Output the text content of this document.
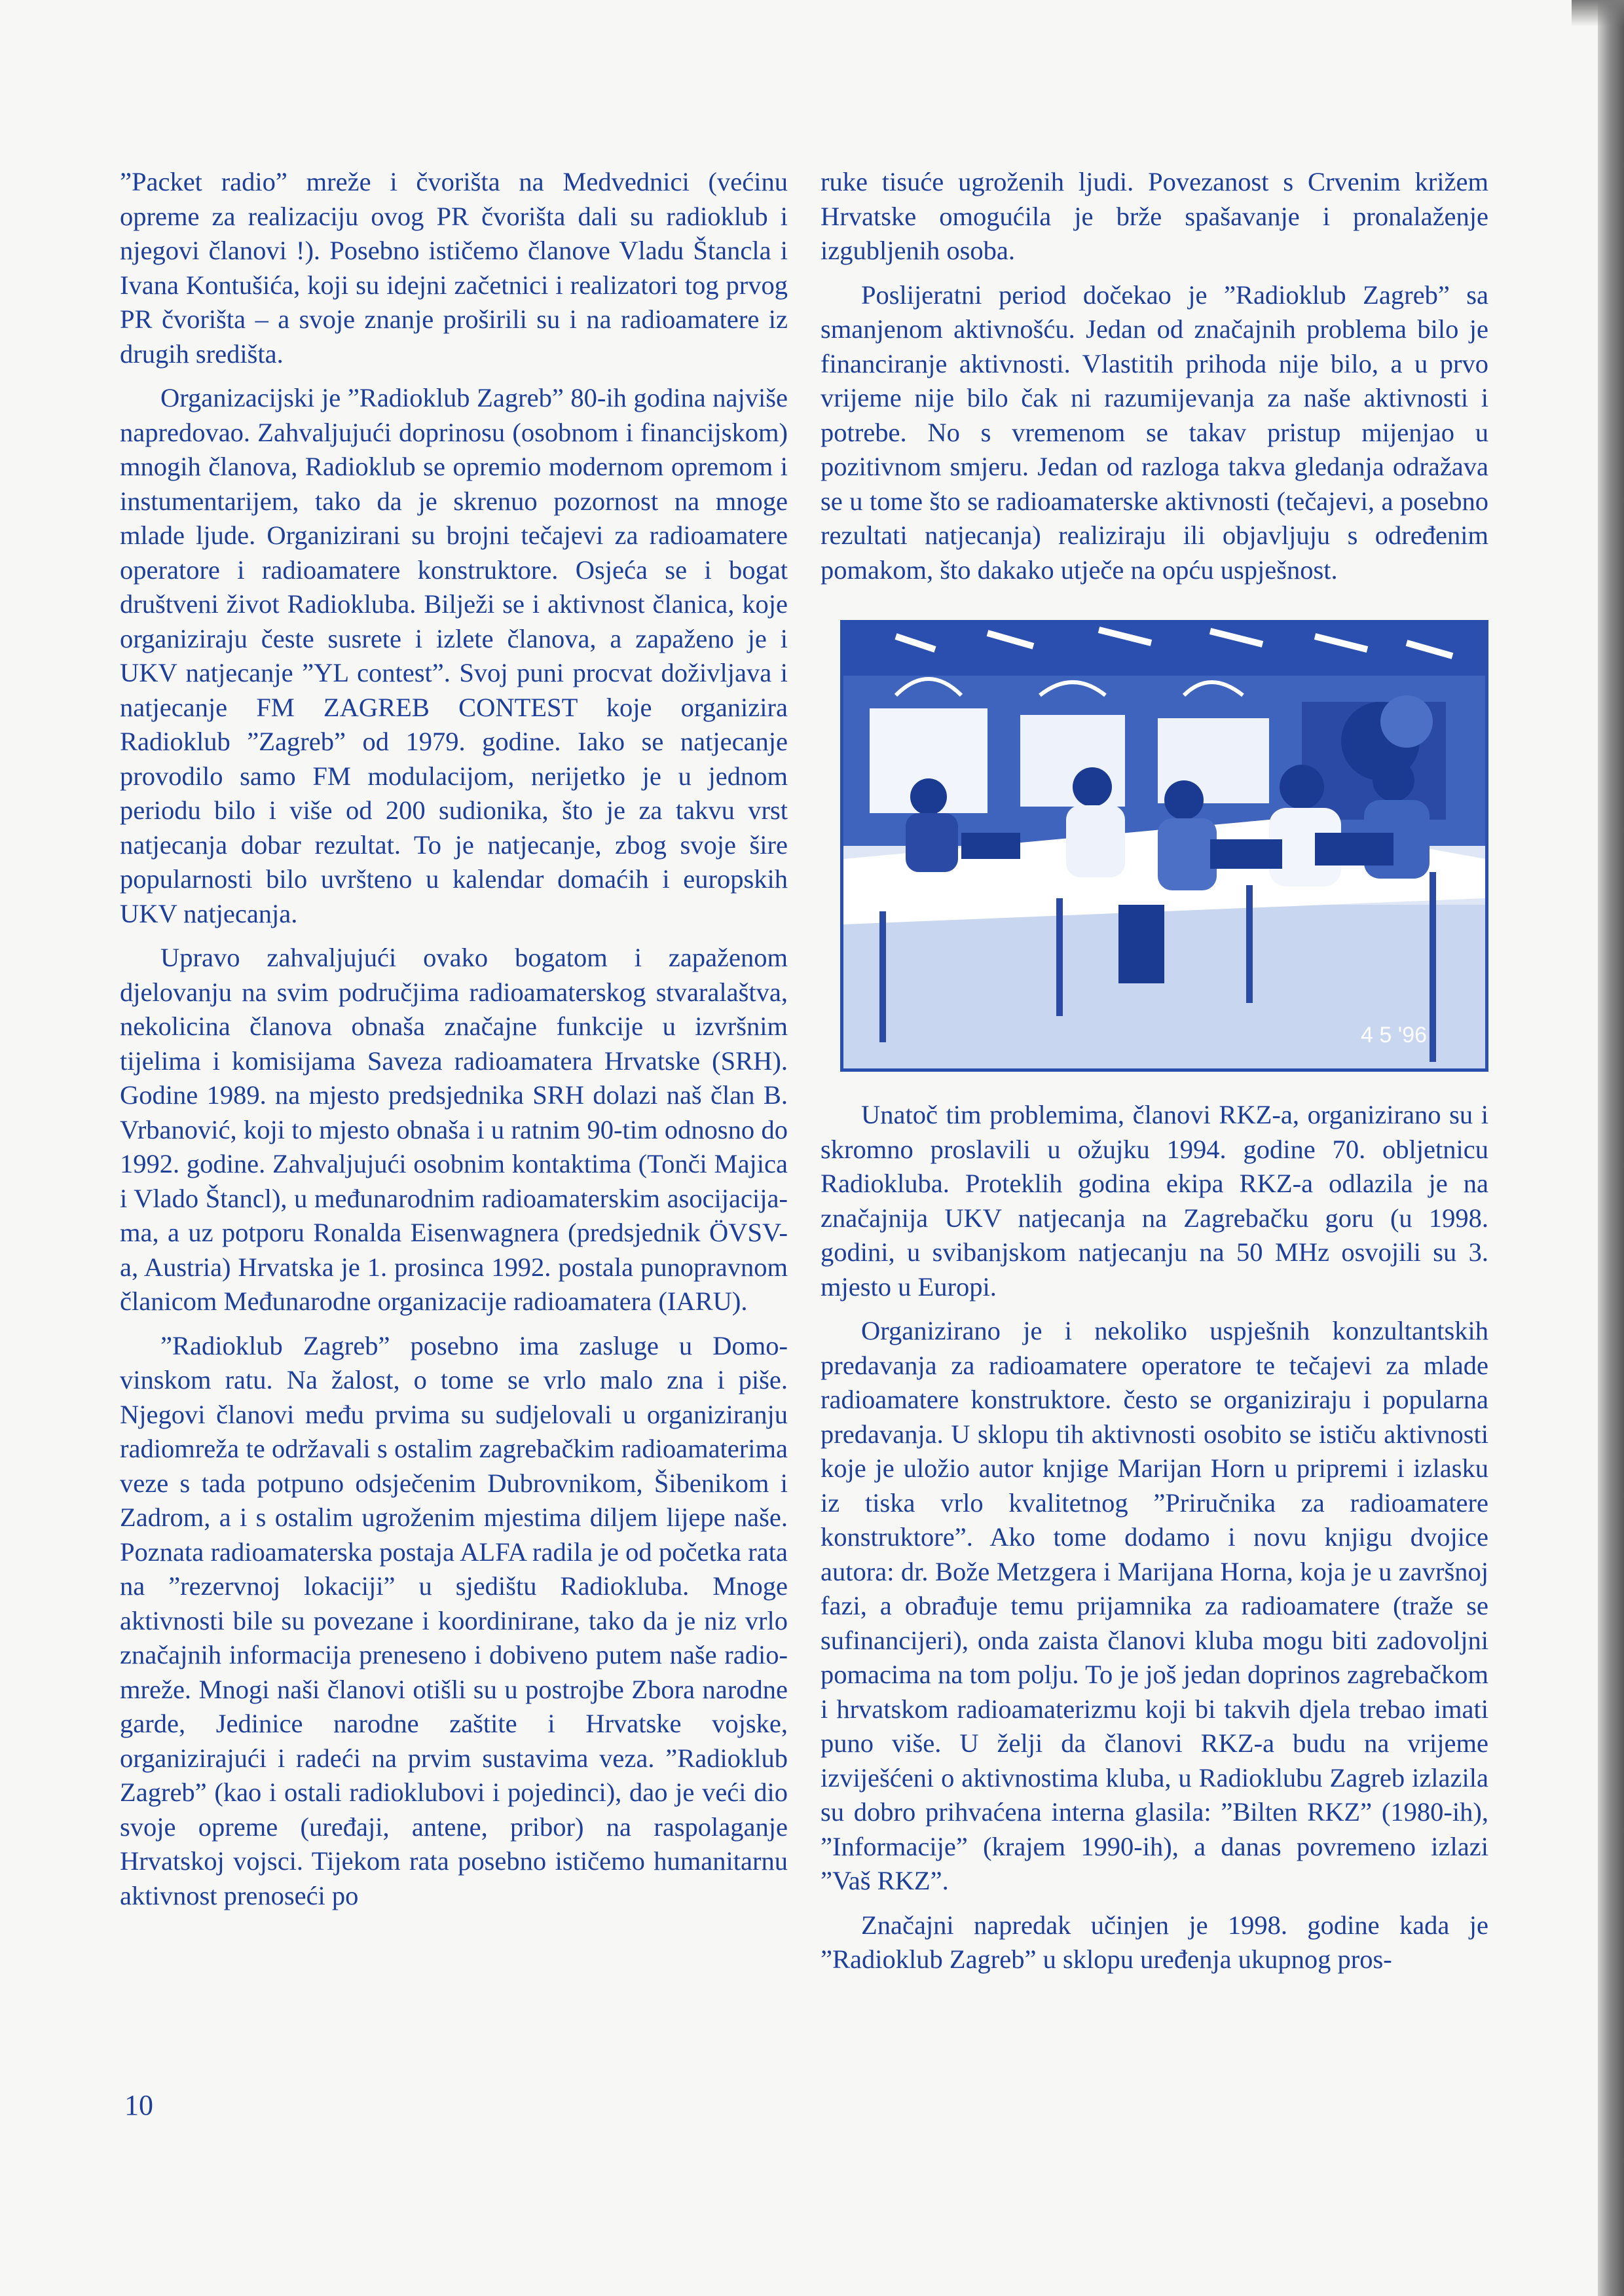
”Packet radio” mreže i čvorišta na Medvednici (većinu opreme za realizaciju ovog PR čvorišta dali su radioklub i njegovi članovi !). Posebno ističemo članove Vladu Štancla i Ivana Kontušića, koji su idejni začetnici i realizatori tog prvog PR čvorišta – a svoje znanje proširili su i na radioamatere iz drugih središta.

Organizacijski je ”Radioklub Zagreb” 80-ih godina najviše napredovao. Zahvaljujući doprinosu (osobnom i financijskom) mnogih članova, Radioklub se opremio modernom opremom i instumentarijem, tako da je skrenuo pozornost na mnoge mlade ljude. Organizirani su brojni tečajevi za radioamatere operatore i radioamatere konstruktore. Osjeća se i bogat društveni život Radiokluba. Bilježi se i aktivnost članica, koje organiziraju česte susrete i izlete članova, a zapaženo je i UKV natjecanje ”YL contest”. Svoj puni procvat doživljava i natjecanje FM ZAGREB CONTEST koje organizira Radioklub ”Zagreb” od 1979. godine. Iako se natjecanje provodilo samo FM modulacijom, nerijetko je u jednom periodu bilo i više od 200 sudionika, što je za takvu vrst natjecanja dobar rezultat. To je natjecanje, zbog svoje šire popularnosti bilo uvršteno u kalendar domaćih i europskih UKV natjecanja.

Upravo zahvaljujući ovako bogatom i zapaženom djelovanju na svim područjima radioamaterskog stvaralaštva, nekolicina članova obnaša značajne funkcije u izvršnim tijelima i komisijama Saveza radioamatera Hrvatske (SRH). Godine 1989. na mjesto predsjednika SRH dolazi naš član B. Vrbanović, koji to mjesto obnaša i u ratnim 90-tim odnosno do 1992. godine. Zahvaljujući osobnim kontaktima (Tonči Majica i Vlado Štancl), u međunarodnim radioamaterskim asocijacijama, a uz potporu Ronalda Eisenwagnera (predsjednik ÖVSV-a, Austria) Hrvatska je 1. prosinca 1992. postala punopravnom članicom Međunarodne organizacije radioamatera (IARU).

”Radioklub Zagreb” posebno ima zasluge u Domovinskom ratu. Na žalost, o tome se vrlo malo zna i piše. Njegovi članovi među prvima su sudjelovali u organiziranju radiomreža te održavali s ostalim zagrebačkim radioamaterima veze s tada potpuno odsječenim Dubrovnikom, Šibenikom i Zadrom, a i s ostalim ugroženim mjestima diljem lijepe naše. Poznata radioamaterska postaja ALFA radila je od početka rata na ”rezervnoj lokaciji” u sjedištu Radiokluba. Mnoge aktivnosti bile su povezane i koordinirane, tako da je niz vrlo značajnih informacija preneseno i dobiveno putem naše radiomreže. Mnogi naši članovi otišli su u postrojbe Zbora narodne garde, Jedinice narodne zaštite i Hrvatske vojske, organizirajući i radeći na prvim sustavima veza. ”Radioklub Zagreb” (kao i ostali radioklubovi i pojedinci), dao je veći dio svoje opreme (uređaji, antene, pribor) na raspolaganje Hrvatskoj vojsci. Tijekom rata posebno ističemo humanitarnu aktivnost prenoseći po

ruke tisuće ugroženih ljudi. Povezanost s Crvenim križem Hrvatske omogućila je brže spašavanje i pronalaženje izgubljenih osoba.

Poslijeratni period dočekao je ”Radioklub Zagreb” sa smanjenom aktivnošću. Jedan od značajnih problema bilo je financiranje aktivnosti. Vlastitih prihoda nije bilo, a u prvo vrijeme nije bilo čak ni razumijevanja za naše aktivnosti i potrebe. No s vremenom se takav pristup mijenjao u pozitivnom smjeru. Jedan od razloga takva gledanja odražava se u tome što se radioamaterske aktivnosti (tečajevi, a posebno rezultati natjecanja) realiziraju ili objavljuju s određenim pomakom, što dakako utječe na opću uspješnost.

4 5 '96

Unatoč tim problemima, članovi RKZ-a, organizirano su i skromno proslavili u ožujku 1994. godine 70. obljetnicu Radiokluba. Proteklih godina ekipa RKZ-a odlazila je na značajnija UKV natjecanja na Zagrebačku goru (u 1998. godini, u svibanjskom natjecanju na 50 MHz osvojili su 3. mjesto u Europi.

Organizirano je i nekoliko uspješnih konzultantskih predavanja za radioamatere operatore te tečajevi za mlade radioamatere konstruktore. često se organiziraju i popularna predavanja. U sklopu tih aktivnosti osobito se ističu aktivnosti koje je uložio autor knjige Marijan Horn u pripremi i izlasku iz tiska vrlo kvalitetnog ”Priručnika za radioamatere konstruktore”. Ako tome dodamo i novu knjigu dvojice autora: dr. Bože Metzgera i Marijana Horna, koja je u završnoj fazi, a obrađuje temu prijamnika za radioamatere (traže se sufinancijeri), onda zaista članovi kluba mogu biti zadovoljni pomacima na tom polju. To je još jedan doprinos zagrebačkom i hrvatskom radioamaterizmu koji bi takvih djela trebao imati puno više. U želji da članovi RKZ-a budu na vrijeme izviješćeni o aktivnostima kluba, u Radioklubu Zagreb izlazila su dobro prihvaćena interna glasila: ”Bilten RKZ” (1980-ih), ”Informacije” (krajem 1990-ih), a danas povremeno izlazi ”Vaš RKZ”.

Značajni napredak učinjen je 1998. godine kada je ”Radioklub Zagreb” u sklopu uređenja ukupnog pros-

10
